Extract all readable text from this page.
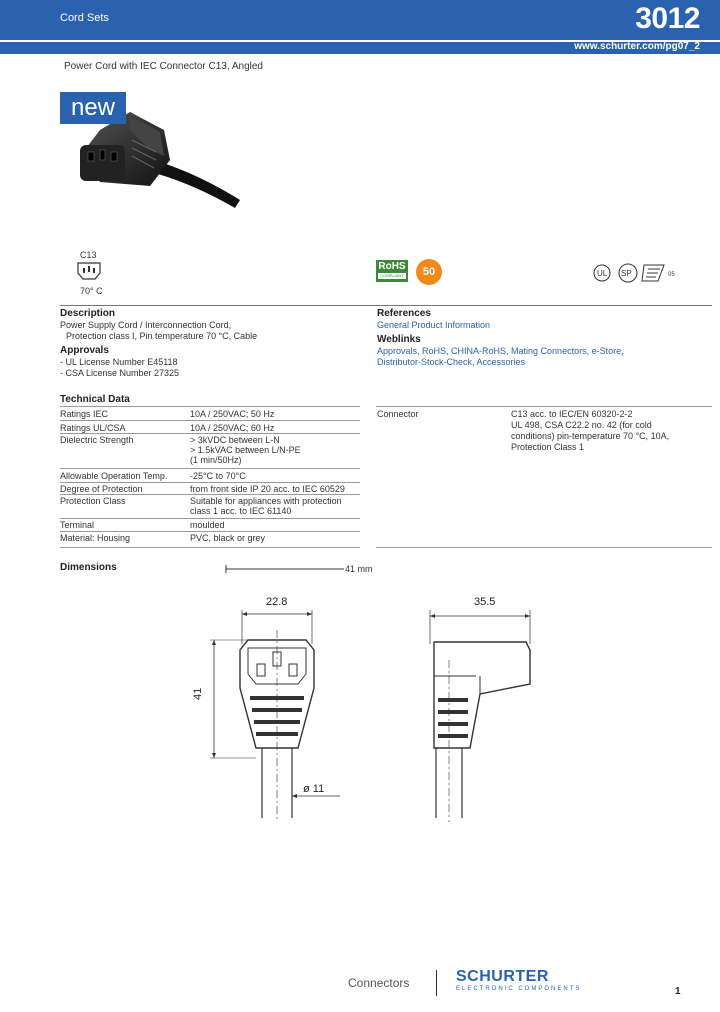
Cord Sets	3012
www.schurter.com/pg07_2
Power Cord with IEC Connector C13, Angled
new
C13
70° C
RoHS
COMPLIANT	50	UL SP	05
Description
Power Supply Cord / Interconnection Cord,
Protection class I, Pin temperature 70 °C, Cable
Approvals
- UL License Number E45118
- CSA License Number 27325
References
General Product Information
Weblinks
Approvals, RoHS, CHINA-RoHS, Mating Connectors, e-Store,
Distributor-Stock-Check, Accessories
Technical Data
Ratings IEC	10A / 250VAC; 50 Hz
Ratings UL/CSA	10A / 250VAC; 60 Hz
Dielectric Strength	> 3kVDC between L-N
> 1.5kVAC between L/N-PE
(1 min/50Hz)
Allowable Operation Temp.	-25°C to 70°C
Degree of Protection	from front side IP 20 acc. to IEC 60529
Protection Class	Suitable for appliances with protection
class 1 acc. to IEC 61140
Terminal	moulded
Material: Housing	PVC, black or grey
Connector	C13 acc. to IEC/EN 60320-2-2
UL 498, CSA C22.2 no. 42 (for cold
conditions) pin-temperature 70 °C, 10A,
Protection Class 1
Dimensions	41 mm
22.8
41
ø 11
35.5
Connectors	SCHURTER
ELECTRONIC COMPONENTS	1
